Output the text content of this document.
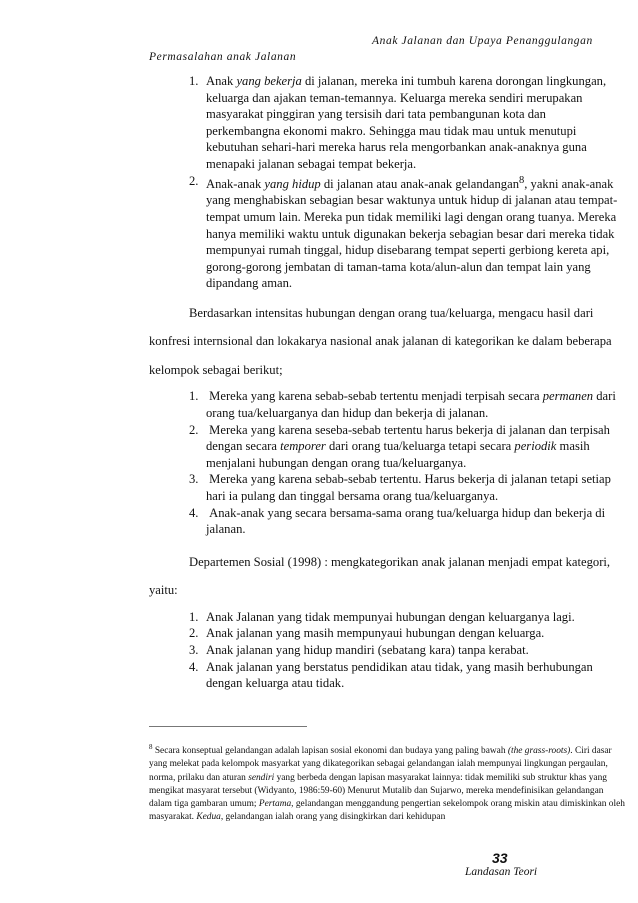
Anak Jalanan dan Upaya Penanggulangan
Permasalahan anak Jalanan
1. Anak yang bekerja di jalanan, mereka ini tumbuh karena dorongan lingkungan, keluarga dan ajakan teman-temannya. Keluarga mereka sendiri merupakan masyarakat pinggiran yang tersisih dari tata pembangunan kota dan perkembangna ekonomi makro. Sehingga mau tidak mau untuk menutupi kebutuhan sehari-hari mereka harus rela mengorbankan anak-anaknya guna menapaki jalanan sebagai tempat bekerja.
2. Anak-anak yang hidup di jalanan atau anak-anak gelandangan$^8$, yakni anak-anak yang menghabiskan sebagian besar waktunya untuk hidup di jalanan atau tempat-tempat umum lain. Mereka pun tidak memiliki lagi dengan orang tuanya. Mereka hanya memiliki waktu untuk digunakan bekerja sebagian besar dari mereka tidak mempunyai rumah tinggal, hidup disebarang tempat seperti gerbiong kereta api, gorong-gorong jembatan di taman-tama kota/alun-alun dan tempat lain yang dipandang aman.

Berdasarkan intensitas hubungan dengan orang tua/keluarga, mengacu hasil dari konfresi internsional dan lokakarya nasional anak jalanan di kategorikan ke dalam beberapa kelompok sebagai berikut;

1. Mereka yang karena sebab-sebab tertentu menjadi terpisah secara permanen dari orang tua/keluarganya dan hidup dan bekerja di jalanan.
2. Mereka yang karena seseba-sebab tertentu harus bekerja di jalanan dan terpisah dengan secara temporer dari orang tua/keluarga tetapi secara periodik masih menjalani hubungan dengan orang tua/keluarganya.
3. Mereka yang karena sebab-sebab tertentu. Harus bekerja di jalanan tetapi setiap hari ia pulang dan tinggal bersama orang tua/keluarganya.
4. Anak-anak yang secara bersama-sama orang tua/keluarga hidup dan bekerja di jalanan.

Departemen Sosial (1998) : mengkategorikan anak jalanan menjadi empat kategori, yaitu:

1. Anak Jalanan yang tidak mempunyai hubungan dengan keluarganya lagi.
2. Anak jalanan yang masih mempunyaui hubungan dengan keluarga.
3. Anak jalanan yang hidup mandiri (sebatang kara) tanpa kerabat.
4. Anak jalanan yang berstatus pendidikan atau tidak, yang masih berhubungan dengan keluarga atau tidak.
$^8$ Secara konseptual gelandangan adalah lapisan sosial ekonomi dan budaya yang paling bawah (the grass-roots). Ciri dasar yang melekat pada kelompok masyarkat yang dikategorikan sebagai gelandangan ialah mempunyai lingkungan pergaulan, norma, prilaku dan aturan sendiri yang berbeda dengan lapisan masyarakat lainnya: tidak memiliki sub struktur khas yang mengikat masyarat tersebut (Widyanto, 1986:59-60) Menurut Mutalib dan Sujarwo, mereka mendefinisikan gelandangan dalam tiga gambaran umum; Pertama, gelandangan menggandung pengertian sekelompok orang miskin atau dimiskinkan oleh masyarakat. Kedua, gelandangan ialah orang yang disingkirkan dari kehidupan
33
Landasan Teori
